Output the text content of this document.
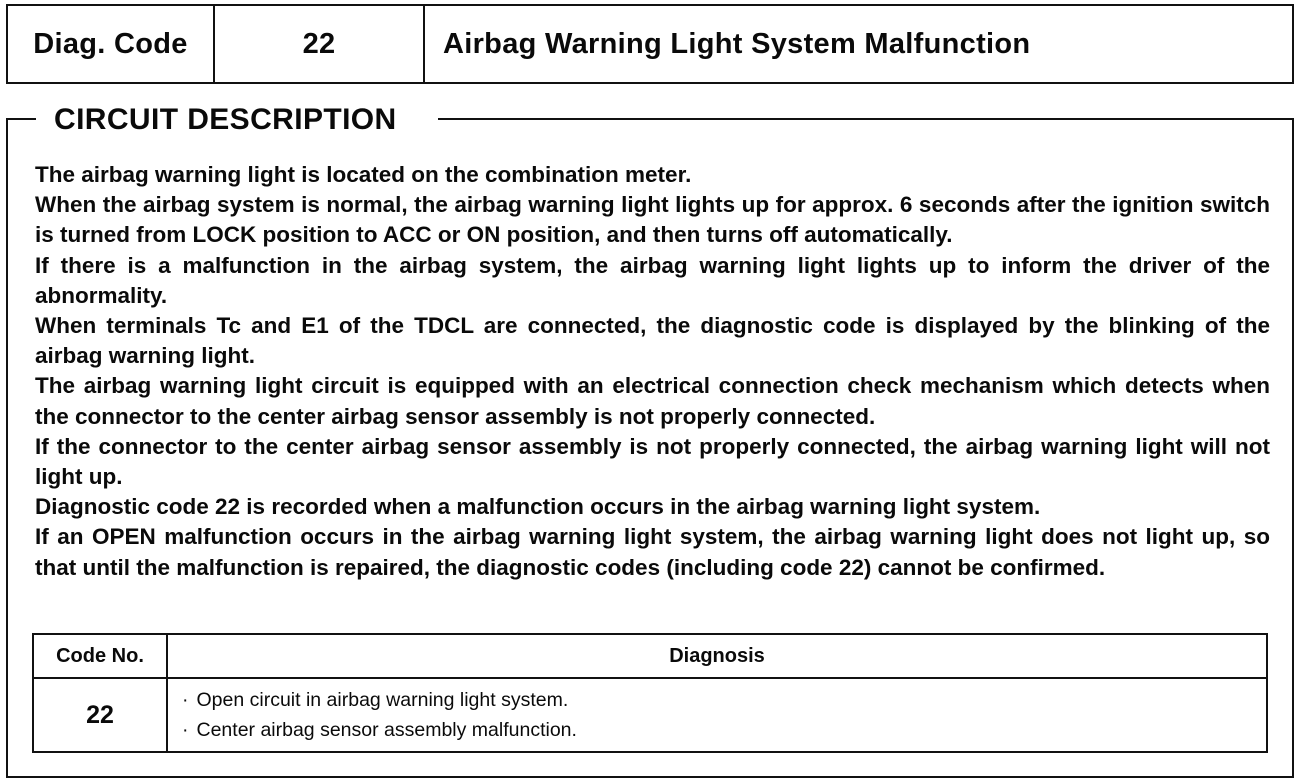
Diag. Code	22	Airbag Warning Light System Malfunction
CIRCUIT DESCRIPTION

The airbag warning light is located on the combination meter.

When the airbag system is normal, the airbag warning light lights up for approx. 6 seconds after the ignition switch is turned from LOCK position to ACC or ON position, and then turns off automatically.

If there is a malfunction in the airbag system, the airbag warning light lights up to inform the driver of the abnormality.

When terminals Tc and E1 of the TDCL are connected, the diagnostic code is displayed by the blinking of the airbag warning light.

The airbag warning light circuit is equipped with an electrical connection check mechanism which detects when the connector to the center airbag sensor assembly is not properly connected.

If the connector to the center airbag sensor assembly is not properly connected, the airbag warning light will not light up.

Diagnostic code 22 is recorded when a malfunction occurs in the airbag warning light system.

If an OPEN malfunction occurs in the airbag warning light system, the airbag warning light does not light up, so that until the malfunction is repaired, the diagnostic codes (including code 22) cannot be confirmed.

Code No.	Diagnosis
22	· Open circuit in airbag warning light system.
· Center airbag sensor assembly malfunction.
